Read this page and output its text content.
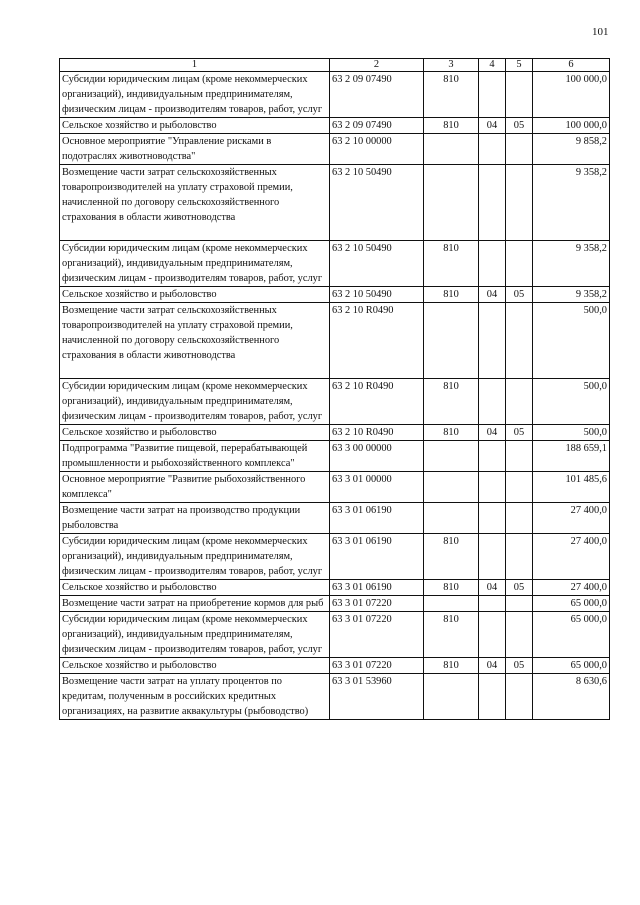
101
1	2	3	4	5	6
Субсидии юридическим лицам (кроме некоммерческих организаций), индивидуальным предпринимателям, физическим лицам - производителям товаров, работ, услуг	63 2 09 07490	810			100 000,0
Сельское хозяйство и рыболовство	63 2 09 07490	810	04	05	100 000,0
Основное мероприятие "Управление рисками в подотраслях животноводства"	63 2 10 00000				9 858,2
Возмещение части затрат сельскохозяйственных товаропроизводителей на уплату страховой премии, начисленной по договору сельскохозяйственного страхования в области животноводства	63 2 10 50490				9 358,2
Субсидии юридическим лицам (кроме некоммерческих организаций), индивидуальным предпринимателям, физическим лицам - производителям товаров, работ, услуг	63 2 10 50490	810			9 358,2
Сельское хозяйство и рыболовство	63 2 10 50490	810	04	05	9 358,2
Возмещение части затрат сельскохозяйственных товаропроизводителей на уплату страховой премии, начисленной по договору сельскохозяйственного страхования в области животноводства	63 2 10 R0490				500,0
Субсидии юридическим лицам (кроме некоммерческих организаций), индивидуальным предпринимателям, физическим лицам - производителям товаров, работ, услуг	63 2 10 R0490	810			500,0
Сельское хозяйство и рыболовство	63 2 10 R0490	810	04	05	500,0
Подпрограмма "Развитие пищевой, перерабатывающей промышленности и рыбохозяйственного комплекса"	63 3 00 00000				188 659,1
Основное мероприятие "Развитие рыбохозяйственного комплекса"	63 3 01 00000				101 485,6
Возмещение части затрат на производство продукции рыболовства	63 3 01 06190				27 400,0
Субсидии юридическим лицам (кроме некоммерческих организаций), индивидуальным предпринимателям, физическим лицам - производителям товаров, работ, услуг	63 3 01 06190	810			27 400,0
Сельское хозяйство и рыболовство	63 3 01 06190	810	04	05	27 400,0
Возмещение части затрат на приобретение кормов для рыб	63 3 01 07220				65 000,0
Субсидии юридическим лицам (кроме некоммерческих организаций), индивидуальным предпринимателям, физическим лицам - производителям товаров, работ, услуг	63 3 01 07220	810			65 000,0
Сельское хозяйство и рыболовство	63 3 01 07220	810	04	05	65 000,0
Возмещение части затрат на уплату процентов по кредитам, полученным в российских кредитных организациях, на развитие аквакультуры (рыбоводство)	63 3 01 53960				8 630,6
